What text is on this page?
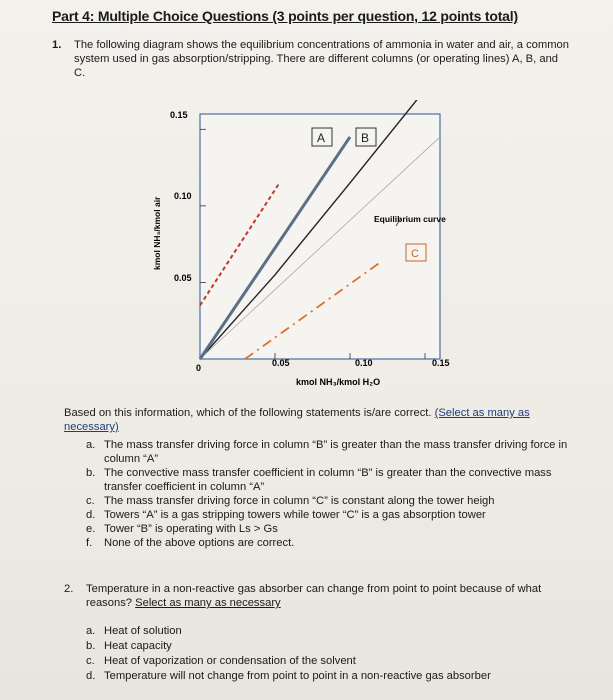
Part 4: Multiple Choice Questions (3 points per question, 12 points total)
1. The following diagram shows the equilibrium concentrations of ammonia in water and air, a common system used in gas absorption/stripping. There are different columns (or operating lines) A, B, and C.
0.15
0.10
0.05
0	0.05	0.10	0.15
kmol NH₃/kmol H₂O
kmol NH₃/kmol air	Equilibrium curve
A	B
C
Based on this information, which of the following statements is/are correct. (Select as many as necessary)
a. The mass transfer driving force in column “B” is greater than the mass transfer driving force in column “A”
b. The convective mass transfer coefficient in column “B” is greater than the convective mass transfer coefficient in column “A”
c. The mass transfer driving force in column “C” is constant along the tower heigh
d. Towers “A” is a gas stripping towers while tower “C” is a gas absorption tower
e. Tower “B” is operating with Ls > Gs
f. None of the above options are correct.
2. Temperature in a non-reactive gas absorber can change from point to point because of what reasons? Select as many as necessary
a. Heat of solution
b. Heat capacity
c. Heat of vaporization or condensation of the solvent
d. Temperature will not change from point to point in a non-reactive gas absorber
